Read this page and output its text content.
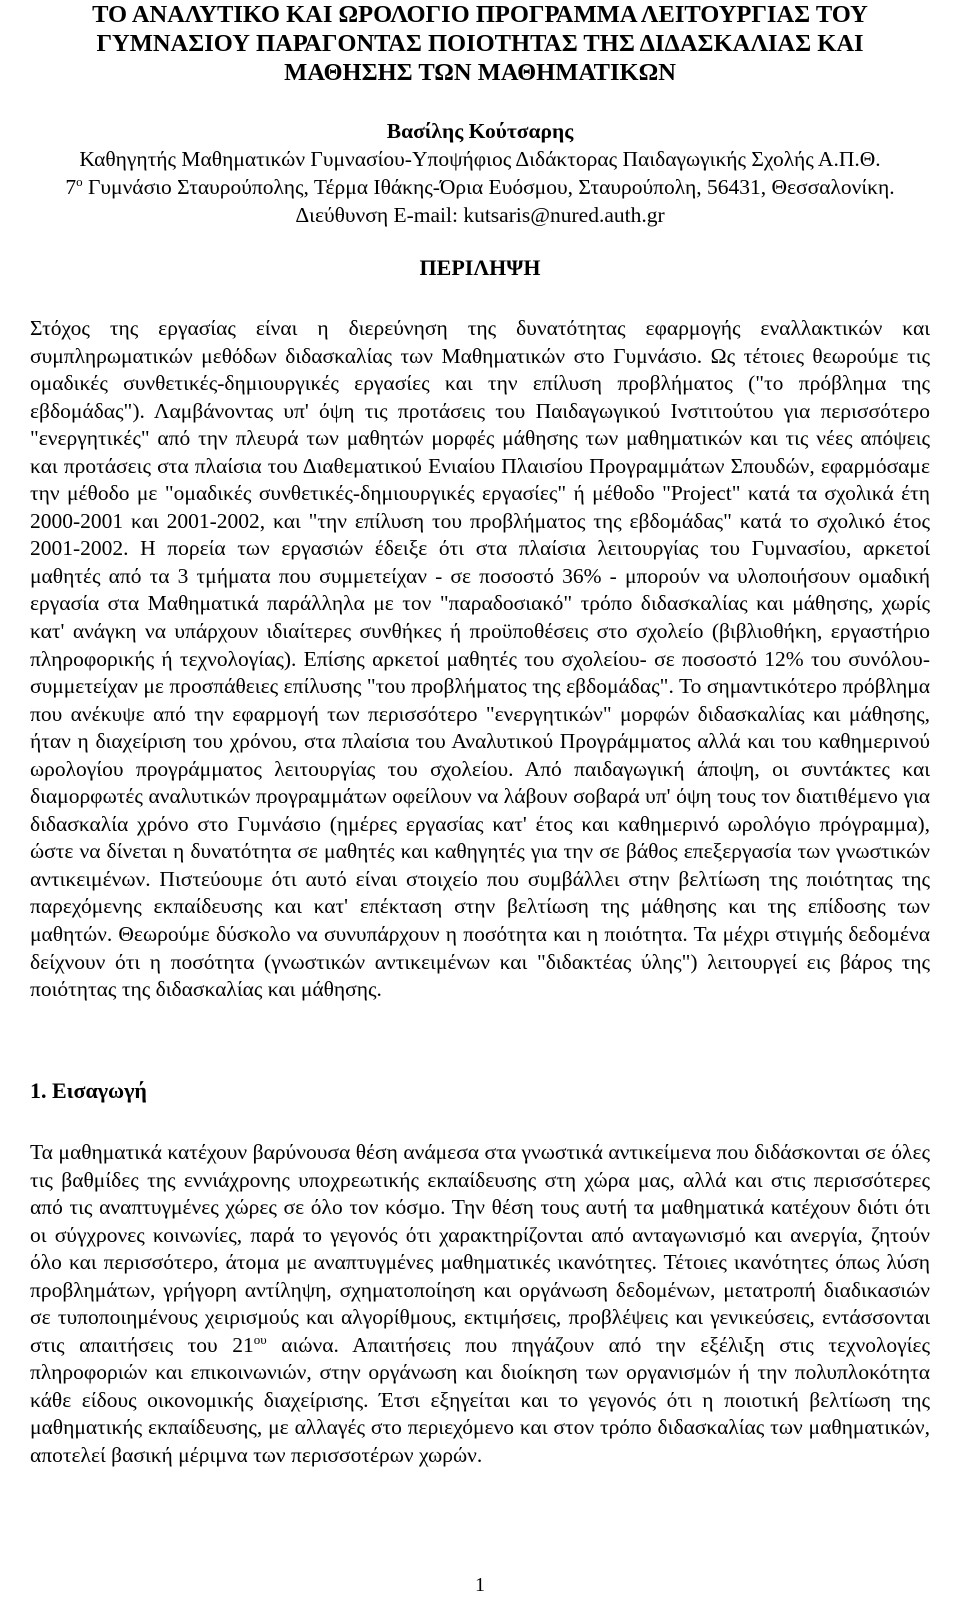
ΤΟ ΑΝΑΛΥΤΙΚΟ ΚΑΙ ΩΡΟΛΟΓΙΟ ΠΡΟΓΡΑΜΜΑ ΛΕΙΤΟΥΡΓΙΑΣ ΤΟΥ ΓΥΜΝΑΣΙΟΥ ΠΑΡΑΓΟΝΤΑΣ ΠΟΙΟΤΗΤΑΣ ΤΗΣ ΔΙΔΑΣΚΑΛΙΑΣ ΚΑΙ ΜΑΘΗΣΗΣ ΤΩΝ ΜΑΘΗΜΑΤΙΚΩΝ
Βασίλης Κούτσαρης
Καθηγητής Μαθηματικών Γυμνασίου-Υποψήφιος Διδάκτορας Παιδαγωγικής Σχολής Α.Π.Θ.
$7^o$ Γυμνάσιο Σταυρούπολης, Τέρμα Ιθάκης-Όρια Ευόσμου, Σταυρούπολη, 56431, Θεσσαλονίκη.
Διεύθυνση E-mail: kutsaris@nured.auth.gr
ΠΕΡΙΛΗΨΗ

Στόχος της εργασίας είναι η διερεύνηση της δυνατότητας εφαρμογής εναλλακτικών και συμπληρωματικών μεθόδων διδασκαλίας των Μαθηματικών στο Γυμνάσιο. Ως τέτοιες θεωρούμε τις ομαδικές συνθετικές-δημιουργικές εργασίες και την επίλυση προβλήματος ("το πρόβλημα της εβδομάδας"). Λαμβάνοντας υπ' όψη τις προτάσεις του Παιδαγωγικού Ινστιτούτου για περισσότερο "ενεργητικές" από την πλευρά των μαθητών μορφές μάθησης των μαθηματικών και τις νέες απόψεις και προτάσεις στα πλαίσια του Διαθεματικού Ενιαίου Πλαισίου Προγραμμάτων Σπουδών, εφαρμόσαμε την μέθοδο με "ομαδικές συνθετικές-δημιουργικές εργασίες" ή μέθοδο "Project" κατά τα σχολικά έτη 2000-2001 και 2001-2002, και "την επίλυση του προβλήματος της εβδομάδας" κατά το σχολικό έτος 2001-2002. Η πορεία των εργασιών έδειξε ότι στα πλαίσια λειτουργίας του Γυμνασίου, αρκετοί μαθητές από τα 3 τμήματα που συμμετείχαν - σε ποσοστό 36% - μπορούν να υλοποιήσουν ομαδική εργασία στα Μαθηματικά παράλληλα με τον "παραδοσιακό" τρόπο διδασκαλίας και μάθησης, χωρίς κατ' ανάγκη να υπάρχουν ιδιαίτερες συνθήκες ή προϋποθέσεις στο σχολείο (βιβλιοθήκη, εργαστήριο πληροφορικής ή τεχνολογίας). Επίσης αρκετοί μαθητές του σχολείου- σε ποσοστό 12% του συνόλου- συμμετείχαν με προσπάθειες επίλυσης "του προβλήματος της εβδομάδας". Το σημαντικότερο πρόβλημα που ανέκυψε από την εφαρμογή των περισσότερο "ενεργητικών" μορφών διδασκαλίας και μάθησης, ήταν η διαχείριση του χρόνου, στα πλαίσια του Αναλυτικού Προγράμματος αλλά και του καθημερινού ωρολογίου προγράμματος λειτουργίας του σχολείου. Από παιδαγωγική άποψη, οι συντάκτες και διαμορφωτές αναλυτικών προγραμμάτων οφείλουν να λάβουν σοβαρά υπ' όψη τους τον διατιθέμενο για διδασκαλία χρόνο στο Γυμνάσιο (ημέρες εργασίας κατ' έτος και καθημερινό ωρολόγιο πρόγραμμα), ώστε να δίνεται η δυνατότητα σε μαθητές και καθηγητές για την σε βάθος επεξεργασία των γνωστικών αντικειμένων. Πιστεύουμε ότι αυτό είναι στοιχείο που συμβάλλει στην βελτίωση της ποιότητας της παρεχόμενης εκπαίδευσης και κατ' επέκταση στην βελτίωση της μάθησης και της επίδοσης των μαθητών. Θεωρούμε δύσκολο να συνυπάρχουν η ποσότητα και η ποιότητα. Τα μέχρι στιγμής δεδομένα δείχνουν ότι η ποσότητα (γνωστικών αντικειμένων και "διδακτέας ύλης") λειτουργεί εις βάρος της ποιότητας της διδασκαλίας και μάθησης.

1. Εισαγωγή

Τα μαθηματικά κατέχουν βαρύνουσα θέση ανάμεσα στα γνωστικά αντικείμενα που διδάσκονται σε όλες τις βαθμίδες της εννιάχρονης υποχρεωτικής εκπαίδευσης στη χώρα μας, αλλά και στις περισσότερες από τις αναπτυγμένες χώρες σε όλο τον κόσμο. Την θέση τους αυτή τα μαθηματικά κατέχουν διότι ότι οι σύγχρονες κοινωνίες, παρά το γεγονός ότι χαρακτηρίζονται από ανταγωνισμό και ανεργία, ζητούν όλο και περισσότερο, άτομα με αναπτυγμένες μαθηματικές ικανότητες. Τέτοιες ικανότητες όπως λύση προβλημάτων, γρήγορη αντίληψη, σχηματοποίηση και οργάνωση δεδομένων, μετατροπή διαδικασιών σε τυποποιημένους χειρισμούς και αλγορίθμους, εκτιμήσεις, προβλέψεις και γενικεύσεις, εντάσσονται στις απαιτήσεις του $21^{o\upsilon}$ αιώνα. Απαιτήσεις που πηγάζουν από την εξέλιξη στις τεχνολογίες πληροφοριών και επικοινωνιών, στην οργάνωση και διοίκηση των οργανισμών ή την πολυπλοκότητα κάθε είδους οικονομικής διαχείρισης. Έτσι εξηγείται και το γεγονός ότι η ποιοτική βελτίωση της μαθηματικής εκπαίδευσης, με αλλαγές στο περιεχόμενο και στον τρόπο διδασκαλίας των μαθηματικών, αποτελεί βασική μέριμνα των περισσοτέρων χωρών.

1
